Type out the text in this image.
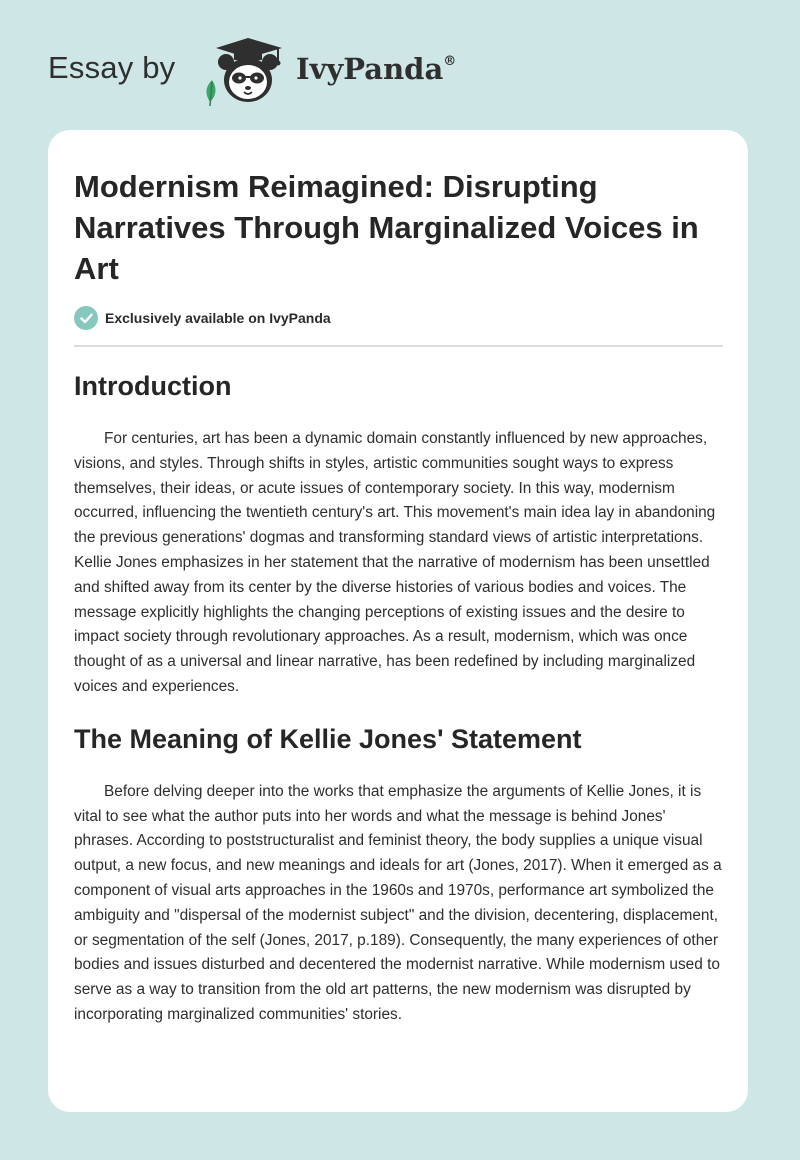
Essay by	IvyPanda®
Modernism Reimagined: Disrupting Narratives Through Marginalized Voices in Art
Exclusively available on IvyPanda
Introduction

For centuries, art has been a dynamic domain constantly influenced by new approaches, visions, and styles. Through shifts in styles, artistic communities sought ways to express themselves, their ideas, or acute issues of contemporary society. In this way, modernism occurred, influencing the twentieth century's art. This movement's main idea lay in abandoning the previous generations' dogmas and transforming standard views of artistic interpretations. Kellie Jones emphasizes in her statement that the narrative of modernism has been unsettled and shifted away from its center by the diverse histories of various bodies and voices. The message explicitly highlights the changing perceptions of existing issues and the desire to impact society through revolutionary approaches. As a result, modernism, which was once thought of as a universal and linear narrative, has been redefined by including marginalized voices and experiences.

The Meaning of Kellie Jones' Statement

Before delving deeper into the works that emphasize the arguments of Kellie Jones, it is vital to see what the author puts into her words and what the message is behind Jones' phrases. According to poststructuralist and feminist theory, the body supplies a unique visual output, a new focus, and new meanings and ideals for art (Jones, 2017). When it emerged as a component of visual arts approaches in the 1960s and 1970s, performance art symbolized the ambiguity and "dispersal of the modernist subject" and the division, decentering, displacement, or segmentation of the self (Jones, 2017, p.189). Consequently, the many experiences of other bodies and issues disturbed and decentered the modernist narrative. While modernism used to serve as a way to transition from the old art patterns, the new modernism was disrupted by incorporating marginalized communities' stories.
